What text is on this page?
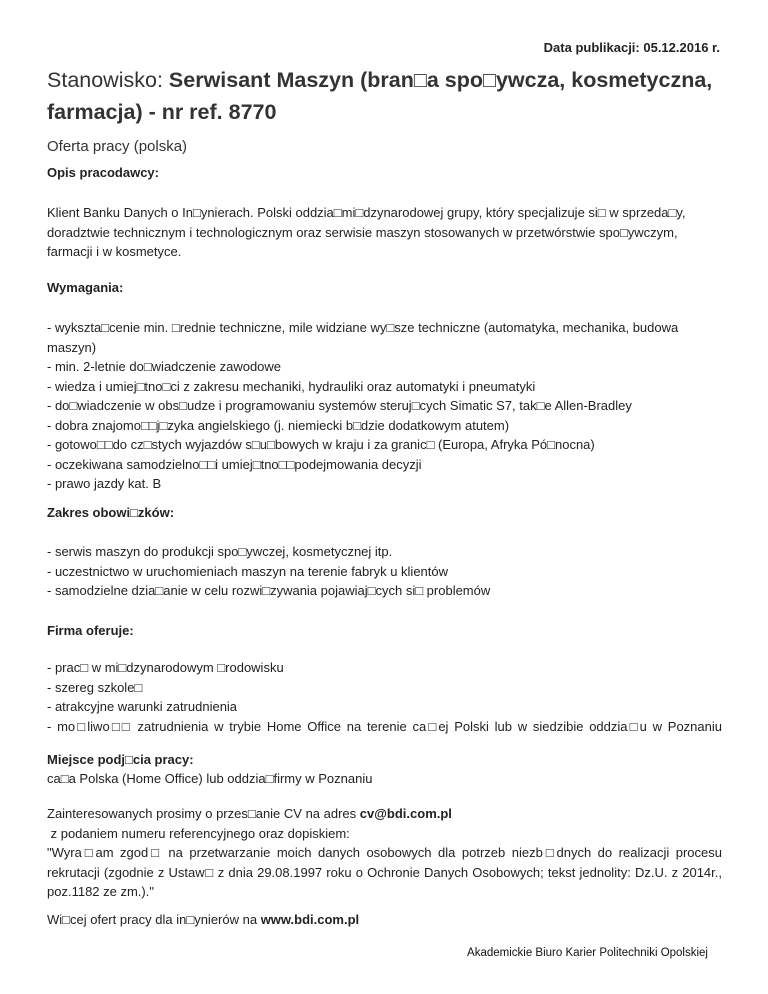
Data publikacji: 05.12.2016 r.
Stanowisko: Serwisant Maszyn (bran□a spo□ywcza, kosmetyczna, farmacja) - nr ref. 8770
Oferta pracy (polska)
Opis pracodawcy:
Klient Banku Danych o In□ynierach. Polski oddzia□mi□dzynarodowej grupy, który specjalizuje si□ w sprzeda□y, doradztwie technicznym i technologicznym oraz serwisie maszyn stosowanych w przetwórstwie spo□ywczym, farmacji i w kosmetyce.
Wymagania:
- wykszta□cenie min. □rednie techniczne, mile widziane wy□sze techniczne (automatyka, mechanika, budowa maszyn)
- min. 2-letnie do□wiadczenie zawodowe
- wiedza i umiej□tno□ci z zakresu mechaniki, hydrauliki oraz automatyki i pneumatyki
- do□wiadczenie w obs□udze i programowaniu systemów steruj□cych Simatic S7, tak□e Allen-Bradley
- dobra znajomo□□j□zyka angielskiego (j. niemiecki b□dzie dodatkowym atutem)
- gotowo□□do cz□stych wyjazdów s□u□bowych w kraju i za granic□ (Europa, Afryka Pó□nocna)
- oczekiwana samodzielno□□i umiej□tno□□podejmowania decyzji
- prawo jazdy kat. B
Zakres obowi□zków:
- serwis maszyn do produkcji spo□ywczej, kosmetycznej itp.
- uczestnictwo w uruchomieniach maszyn na terenie fabryk u klientów
- samodzielne dzia□anie w celu rozwi□zywania pojawiaj□cych si□ problemów
Firma oferuje:
- prac□ w mi□dzynarodowym □rodowisku
- szereg szkole□
- atrakcyjne warunki zatrudnienia
- mo□liwo□□ zatrudnienia w trybie Home Office na terenie ca□ej Polski lub w siedzibie oddzia□u w Poznaniu
Miejsce podj□cia pracy:
ca□a Polska (Home Office) lub oddzia□firmy w Poznaniu
Zainteresowanych prosimy o przes□anie CV na adres cv@bdi.com.pl
z podaniem numeru referencyjnego oraz dopiskiem:
"Wyra□am zgod□ na przetwarzanie moich danych osobowych dla potrzeb niezb□dnych do realizacji procesu rekrutacji (zgodnie z Ustaw□ z dnia 29.08.1997 roku o Ochronie Danych Osobowych; tekst jednolity: Dz.U. z 2014r., poz.1182 ze zm.)."
Wi□cej ofert pracy dla in□ynierów na www.bdi.com.pl
Akademickie Biuro Karier Politechniki Opolskiej
